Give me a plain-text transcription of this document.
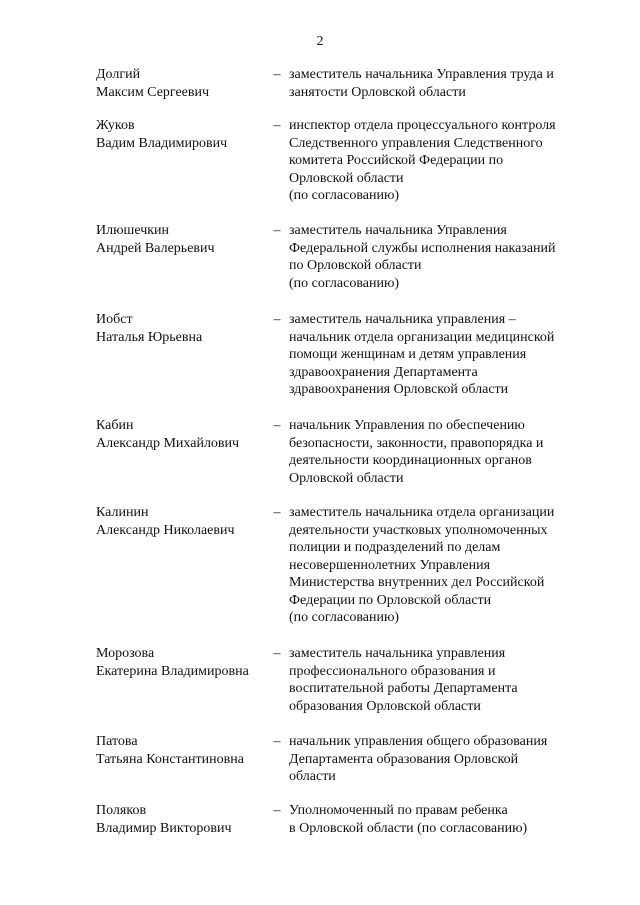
2
Долгий
Максим Сергеевич
– заместитель начальника Управления труда и
занятости Орловской области
Жуков
Вадим Владимирович
– инспектор отдела процессуального контроля
Следственного управления Следственного
комитета Российской Федерации по
Орловской области
(по согласованию)
Илюшечкин
Андрей Валерьевич
– заместитель начальника Управления
Федеральной службы исполнения наказаний
по Орловской области
(по согласованию)
Иобст
Наталья Юрьевна
– заместитель начальника управления –
начальник отдела организации медицинской
помощи женщинам и детям управления
здравоохранения Департамента
здравоохранения Орловской области
Кабин
Александр Михайлович
– начальник Управления по обеспечению
безопасности, законности, правопорядка и
деятельности координационных органов
Орловской области
Калинин
Александр Николаевич
– заместитель начальника отдела организации
деятельности участковых уполномоченных
полиции и подразделений по делам
несовершеннолетних Управления
Министерства внутренних дел Российской
Федерации по Орловской области
(по согласованию)
Морозова
Екатерина Владимировна
– заместитель начальника управления
профессионального образования и
воспитательной работы Департамента
образования Орловской области
Патова
Татьяна Константиновна
– начальник управления общего образования
Департамента образования Орловской
области
Поляков
Владимир Викторович
– Уполномоченный по правам ребенка
в Орловской области (по согласованию)
